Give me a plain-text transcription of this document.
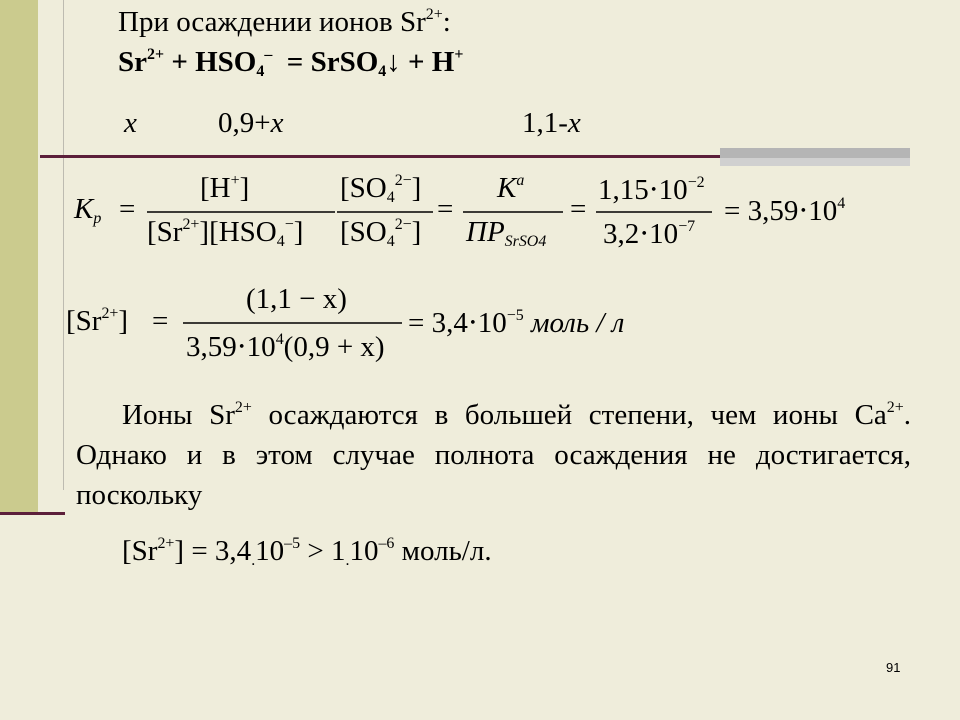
При осаждении ионов $Sr^{2+}$:
$Sr^{2+} + HSO_4^-$ = SrSO$_4$↓ + H+
x	0,9+x	1,1-x
$K_p$ =
[H+]
$[Sr^{2+}][HSO_4^-]$
$[SO_4^{2-}]$
$[SO_4^{2-}]$
=
$K^a$
$ПР_{SrSO4}$
=
$1,15\cdot 10^{-2}$
$3,2\cdot 10^{-7} = 3,59\cdot 10^4$
$[Sr^{2+}]$ =
(1,1 − x)
$3,59\cdot 10^4(0,9 + x)$
= $3,4\cdot 10^{-5}$ моль / л
Ионы $Sr^{2+}$ осаждаются в большей степени, чем ионы $Ca^{2+}$. Однако и в этом случае полнота осаждения не достигается, поскольку
$[Sr^{2+}] = 3,4_.10^{-5} > 1_.10^{-6}$ моль/л.
91
